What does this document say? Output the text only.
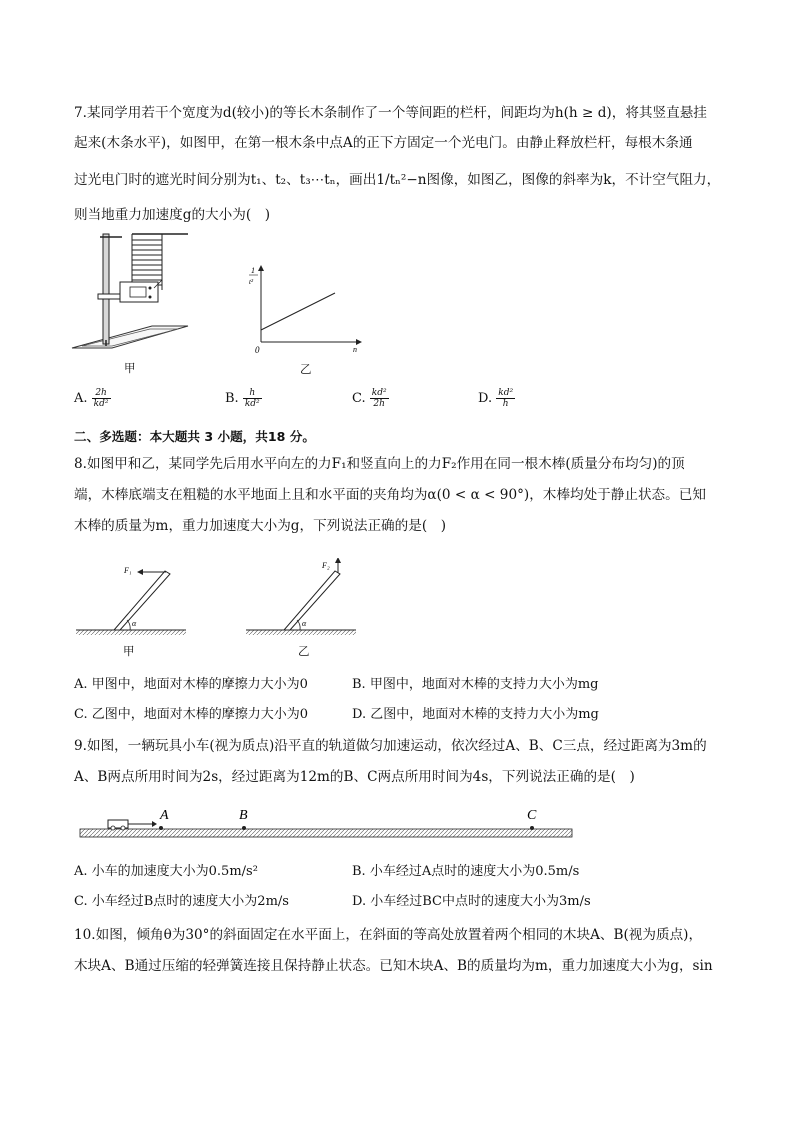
7.某同学用若干个宽度为d(较小)的等长木条制作了一个等间距的栏杆，间距均为h(h ≥ d)，将其竖直悬挂
起来(木条水平)，如图甲，在第一根木条中点A的正下方固定一个光电门。由静止释放栏杆，每根木条通
过光电门时的遮光时间分别为t₁、t₂、t₃⋯tₙ，画出1/tₙ²−n图像，如图乙，图像的斜率为k，不计空气阻力，
则当地重力加速度g的大小为(　)
甲
1
t²
0	n
乙
A. $\frac{2h}{\text{kd²}}$	B. $\frac{h}{\text{kd²}}$	C. $\frac{\text{kd²}}{2h}$	D. $\frac{\text{kd²}}{h}$
二、多选题：本大题共 3 小题，共18 分。
8.如图甲和乙，某同学先后用水平向左的力F₁和竖直向上的力F₂作用在同一根木棒(质量分布均匀)的顶
端，木棒底端支在粗糙的水平地面上且和水平面的夹角均为α(0 < α < 90°)，木棒均处于静止状态。已知
木棒的质量为m，重力加速度大小为g，下列说法正确的是(　)
F₁
α
甲
F₂
α
乙
A. 甲图中，地面对木棒的摩擦力大小为0	B. 甲图中，地面对木棒的支持力大小为mg
C. 乙图中，地面对木棒的摩擦力大小为0	D. 乙图中，地面对木棒的支持力大小为mg
9.如图，一辆玩具小车(视为质点)沿平直的轨道做匀加速运动，依次经过A、B、C三点，经过距离为3m的
A、B两点所用时间为2s，经过距离为12m的B、C两点所用时间为4s，下列说法正确的是(　)
A	B	C
A. 小车的加速度大小为0.5m/s²	B. 小车经过A点时的速度大小为0.5m/s
C. 小车经过B点时的速度大小为2m/s	D. 小车经过BC中点时的速度大小为3m/s
10.如图，倾角θ为30°的斜面固定在水平面上，在斜面的等高处放置着两个相同的木块A、B(视为质点)，
木块A、B通过压缩的轻弹簧连接且保持静止状态。已知木块A、B的质量均为m，重力加速度大小为g，sin
